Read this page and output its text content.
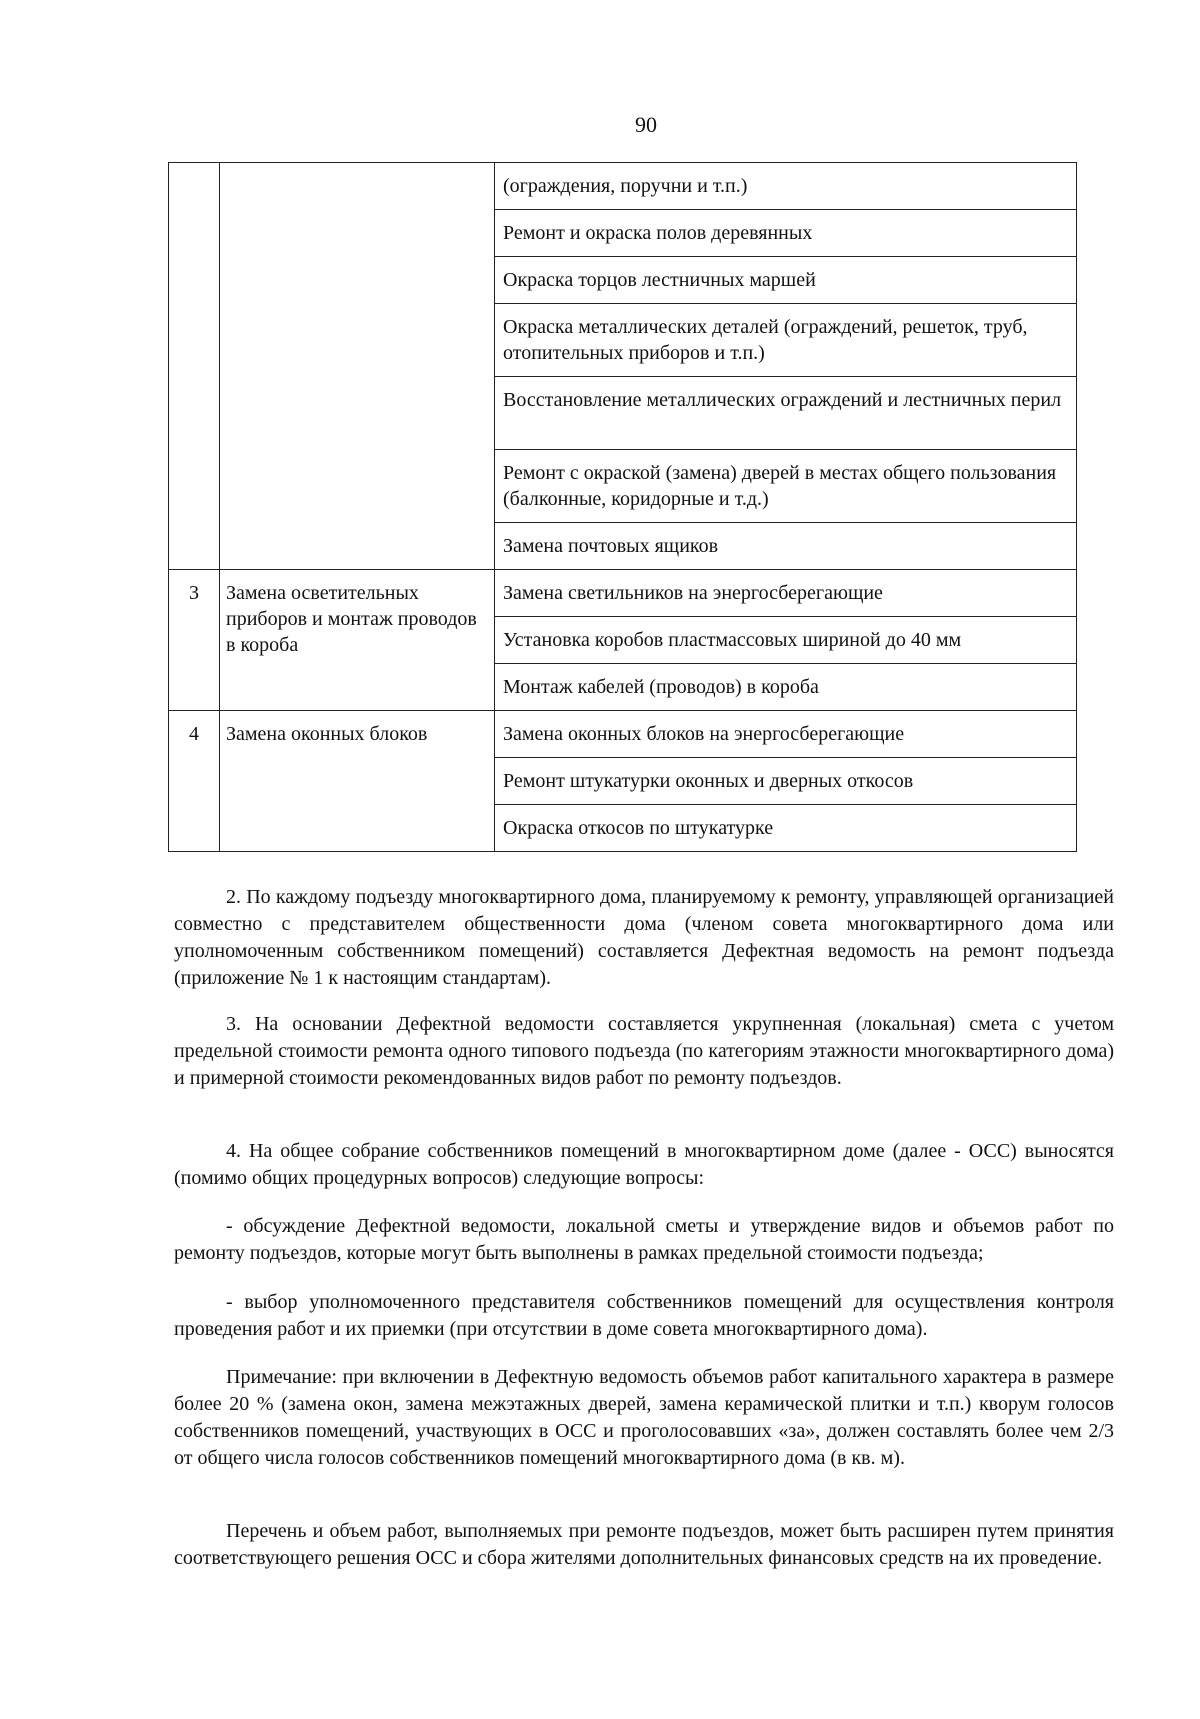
90
		(ограждения, поручни и т.п.)
		Ремонт и окраска полов деревянных
		Окраска торцов лестничных маршей
		Окраска металлических деталей (ограждений, решеток, труб, отопительных приборов и т.п.)
		Восстановление металлических ограждений и лестничных перил
		Ремонт с окраской (замена) дверей в местах общего пользования (балконные, коридорные и т.д.)
		Замена почтовых ящиков
3	Замена осветительных приборов и монтаж проводов в короба	Замена светильников на энергосберегающие
		Установка коробов пластмассовых шириной до 40 мм
		Монтаж кабелей (проводов) в короба
4	Замена оконных блоков	Замена оконных блоков на энергосберегающие
		Ремонт штукатурки оконных и дверных откосов
		Окраска откосов по штукатурке

2. По каждому подъезду многоквартирного дома, планируемому к ремонту, управляющей организацией совместно с представителем общественности дома (членом совета многоквартирного дома или уполномоченным собственником помещений) составляется Дефектная ведомость на ремонт подъезда (приложение № 1 к настоящим стандартам).

3. На основании Дефектной ведомости составляется укрупненная (локальная) смета с учетом предельной стоимости ремонта одного типового подъезда (по категориям этажности многоквартирного дома) и примерной стоимости рекомендованных видов работ по ремонту подъездов.

4. На общее собрание собственников помещений в многоквартирном доме (далее - ОСС) выносятся (помимо общих процедурных вопросов) следующие вопросы:

- обсуждение Дефектной ведомости, локальной сметы и утверждение видов и объемов работ по ремонту подъездов, которые могут быть выполнены в рамках предельной стоимости подъезда;

- выбор уполномоченного представителя собственников помещений для осуществления контроля проведения работ и их приемки (при отсутствии в доме совета многоквартирного дома).

Примечание: при включении в Дефектную ведомость объемов работ капитального характера в размере более 20 % (замена окон, замена межэтажных дверей, замена керамической плитки и т.п.) кворум голосов собственников помещений, участвующих в ОСС и проголосовавших «за», должен составлять более чем 2/3 от общего числа голосов собственников помещений многоквартирного дома (в кв. м).

Перечень и объем работ, выполняемых при ремонте подъездов, может быть расширен путем принятия соответствующего решения ОСС и сбора жителями дополнительных финансовых средств на их проведение.
